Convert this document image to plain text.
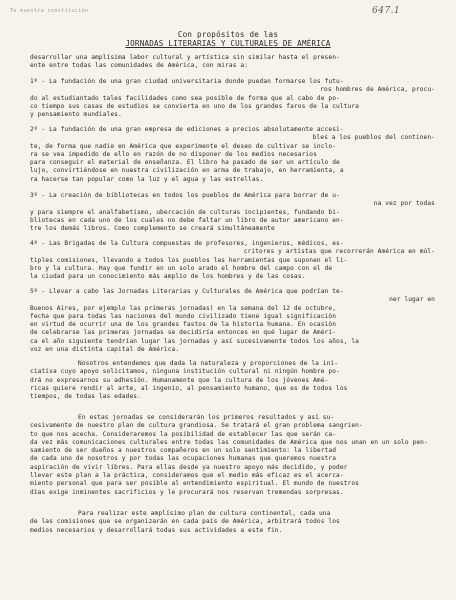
Te muestra constitucion	647.1
Con propósitos de las
JORNADAS LITERARIAS Y CULTURALES DE AMÉRICA
desarrollar una amplísima labor cultural y artística sin similar hasta el presen-
ente entre todas las comunidades de América, con miras a:
1º - La fundación de una gran ciudad universitaria donde puedan formarse los futu-
ros hombres de América, procu-
do al estudiantado tales facilidades como sea posible de forma que al cabo de po-
co tiempo sus casas de estudios se convierta en uno de los grandes faros de la cultura
y pensamiento mundiales.
2º - La fundación de una gran empresa de ediciones a precios absolutamente accesi-
bles a los pueblos del continen-
te, de forma que nadie en América que experimente el deseo de cultivar se inclo-
ra se vea impedido de ello en razón de no disponer de los medios necesarios
para conseguir el material de enseñanza. El libro ha pasado de ser un artículo de
lujo, convirtiéndose en nuestra civilización en arma de trabajo, en herramienta, a
ra hacerse tan popular como la luz y el agua y las estrellas.
3º - La creación de bibliotecas en todos los pueblos de América para borrar de u-
na vez por todas
y para siempre el analfabetismo, ubercación de culturas incipientes, fundando bi-
bliotecas en cada uno de los cuales no debe faltar un libro de autor americano en-
tre los demás libros. Como complemento se creará simultáneamente
4º - Las Brigadas de la Cultura compuestas de profesores, ingenieros, médicos, es-
critores y artistas que recorrerán América en múl-
tiples comisiones, llevando a todos los pueblos las herramientas que suponen el li-
bro y la cultura. Hay que fundir en un solo arado el hombre del campo con el de
la ciudad para un conocimiento más amplio de los hombres y de las cosas.
5º - Llevar a cabo las Jornadas Literarias y Culturales de América que podrían te-
ner lugar en
Buenos Aires, por ejemplo las primeras jornadas) en la semana del 12 de octubre,
fecha que para todas las naciones del mundo civilizado tiene igual significación
en virtud de ocurrir una de los grandes fastos de la historia humana. En ocasión
de celebrarse las primeras jornadas se decidiría entonces en qué lugar de Améri-
ca el año siguiente tendrían lugar las jornadas y así sucesivamente todos los años, la
voz en una distinta capital de América.
Nosotros entendemos que dada la naturaleza y proporciones de la ini-
ciativa cuyo apoyo solicitamos, ninguna institución cultural ni ningún hombre po-
drá no expresarnos su adhesión. Humanamente que la cultura de los jóvenes Amé-
ricas quiere rendir al arte, al ingenio, al pensamiento humano, que es de todos los
tiempos, de todas las edades.
En estas jornadas se considerarán los primeros resultados y así su-
cesivamente de nuestro plan de cultura grandiosa. Se tratará el gran problema sangrien-
to que nos acecha. Consideraremos la posibilidad de establecer las que serán ca-
da vez más comunicaciones culturales entre todas las comunidades de América que nos unan en un solo pen-
samiento de ser dueños a nuestros compañeros en un solo sentimiento: la libertad
de cada uno de nosotros y por todas las ocupaciones humanas que queremos nuestra
aspiración de vivir libres. Para ellas desde ya nuestro apoyo más decidido, y poder
llevar este plan a la práctica, consideramos que el medio más eficaz es el acerca-
miento personal que para ser posible al entendimiento espiritual. El mundo de nuestros
días exige inminentes sacrificios y le procurará nos reservan tremendas sorpresas.
Para realizar este amplísimo plan de cultura continental, cada una
de las comisiones que se organizarán en cada país de América, arbitrará todos los
medios necesarios y desarrollará todas sus actividades a este fin.
